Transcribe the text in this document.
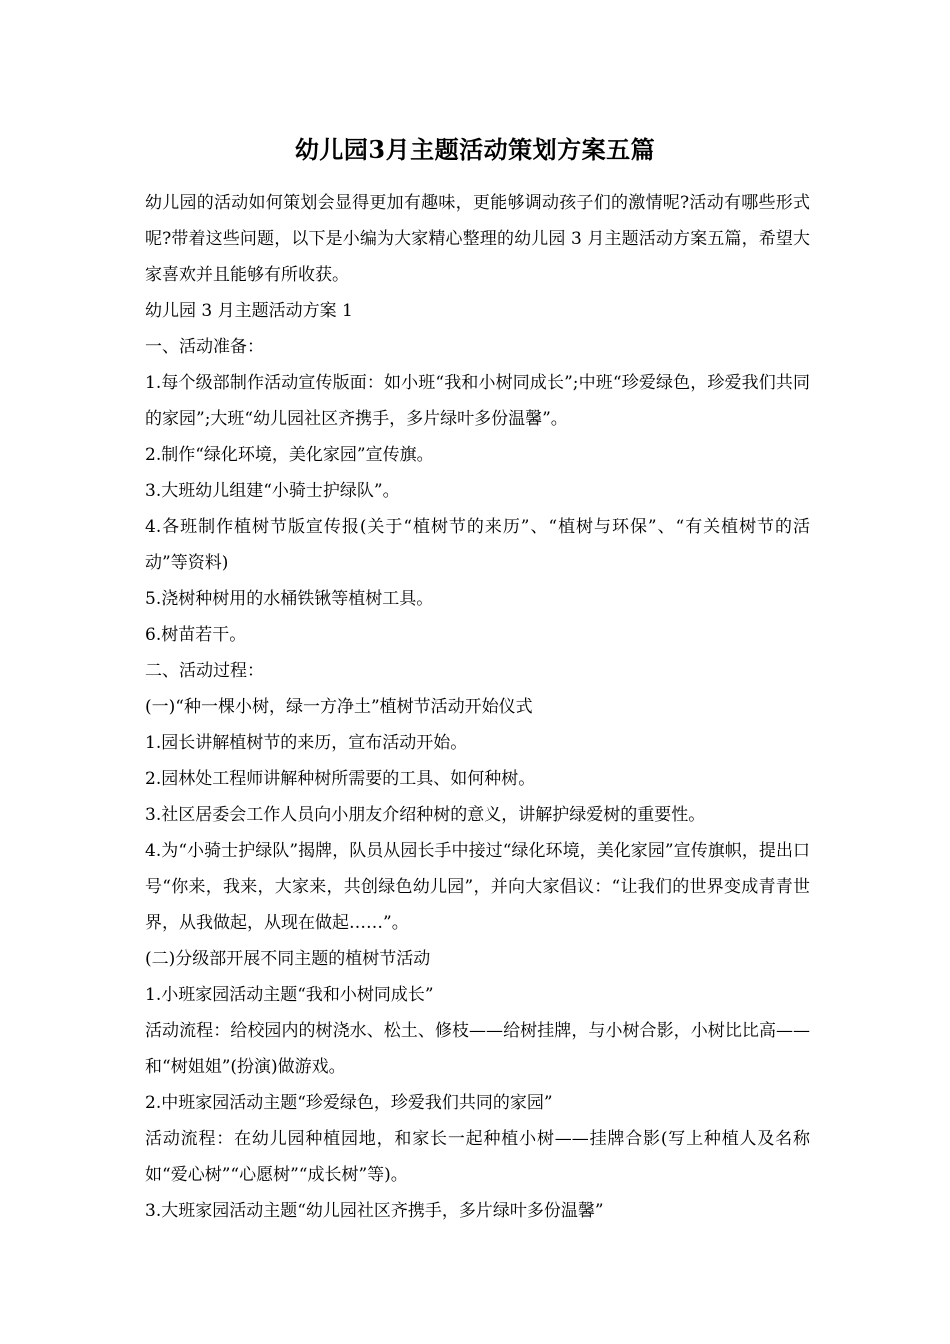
幼儿园3月主题活动策划方案五篇

幼儿园的活动如何策划会显得更加有趣味，更能够调动孩子们的激情呢?活动有哪些形式呢?带着这些问题，以下是小编为大家精心整理的幼儿园 3 月主题活动方案五篇，希望大家喜欢并且能够有所收获。

幼儿园 3 月主题活动方案 1

一、活动准备：

1.每个级部制作活动宣传版面：如小班“我和小树同成长”;中班“珍爱绿色，珍爱我们共同的家园”;大班“幼儿园社区齐携手，多片绿叶多份温馨”。

2.制作“绿化环境，美化家园”宣传旗。

3.大班幼儿组建“小骑士护绿队”。

4.各班制作植树节版宣传报(关于“植树节的来历”、“植树与环保”、“有关植树节的活动”等资料)

5.浇树种树用的水桶铁锹等植树工具。

6.树苗若干。

二、活动过程：

(一)“种一棵小树，绿一方净土”植树节活动开始仪式

1.园长讲解植树节的来历，宣布活动开始。

2.园林处工程师讲解种树所需要的工具、如何种树。

3.社区居委会工作人员向小朋友介绍种树的意义，讲解护绿爱树的重要性。

4.为“小骑士护绿队”揭牌，队员从园长手中接过“绿化环境，美化家园”宣传旗帜，提出口号“你来，我来，大家来，共创绿色幼儿园”，并向大家倡议：“让我们的世界变成青青世界，从我做起，从现在做起……”。

(二)分级部开展不同主题的植树节活动

1.小班家园活动主题“我和小树同成长”

活动流程：给校园内的树浇水、松土、修枝——给树挂牌，与小树合影，小树比比高——和“树姐姐”(扮演)做游戏。

2.中班家园活动主题“珍爱绿色，珍爱我们共同的家园”

活动流程：在幼儿园种植园地，和家长一起种植小树——挂牌合影(写上种植人及名称如“爱心树”“心愿树”“成长树”等)。

3.大班家园活动主题“幼儿园社区齐携手，多片绿叶多份温馨”
